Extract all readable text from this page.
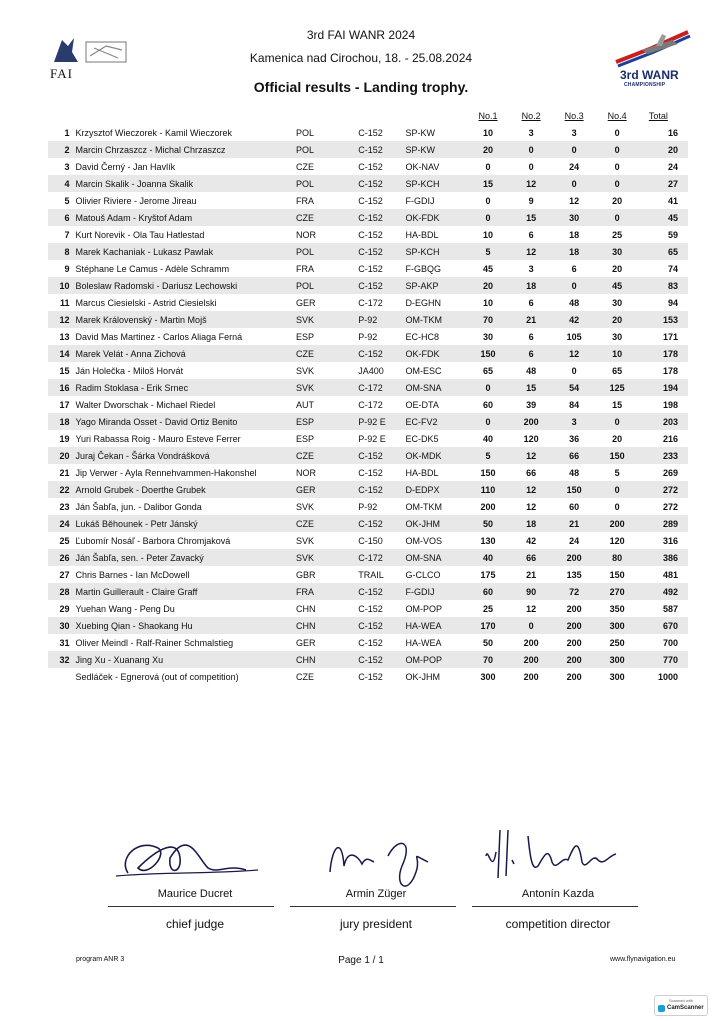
FAI
3rd FAI WANR 2024
Kamenica nad Cirochou, 18. - 25.08.2024
Official results - Landing trophy.
3rd WANR
CHAMPIONSHIP
					No.1	No.2	No.3	No.4	Total
1	Krzysztof Wieczorek - Kamil Wieczorek	POL	C-152	SP-KW	10	3	3	0	16
2	Marcin Chrzaszcz - Michal Chrzaszcz	POL	C-152	SP-KW	20	0	0	0	20
3	David Černý - Jan Havlík	CZE	C-152	OK-NAV	0	0	24	0	24
4	Marcin Skalik - Joanna Skalik	POL	C-152	SP-KCH	15	12	0	0	27
5	Olivier Riviere - Jerome Jireau	FRA	C-152	F-GDIJ	0	9	12	20	41
6	Matouš Adam - Kryštof Adam	CZE	C-152	OK-FDK	0	15	30	0	45
7	Kurt Norevik - Ola Tau Hatlestad	NOR	C-152	HA-BDL	10	6	18	25	59
8	Marek Kachaniak - Lukasz Pawlak	POL	C-152	SP-KCH	5	12	18	30	65
9	Stéphane Le Camus - Adèle Schramm	FRA	C-152	F-GBQG	45	3	6	20	74
10	Boleslaw Radomski - Dariusz Lechowski	POL	C-152	SP-AKP	20	18	0	45	83
11	Marcus Ciesielski - Astrid Ciesielski	GER	C-172	D-EGHN	10	6	48	30	94
12	Marek Královenský - Martin Mojš	SVK	P-92	OM-TKM	70	21	42	20	153
13	David Mas Martinez - Carlos Aliaga Ferná	ESP	P-92	EC-HC8	30	6	105	30	171
14	Marek Velát - Anna Zichová	CZE	C-152	OK-FDK	150	6	12	10	178
15	Ján Holečka - Miloš Horvát	SVK	JA400	OM-ESC	65	48	0	65	178
16	Radim Stoklasa - Erik Srnec	SVK	C-172	OM-SNA	0	15	54	125	194
17	Walter Dworschak - Michael Riedel	AUT	C-172	OE-DTA	60	39	84	15	198
18	Yago Miranda Osset - David Ortiz Benito	ESP	P-92 E	EC-FV2	0	200	3	0	203
19	Yuri Rabassa Roig - Mauro Esteve Ferrer	ESP	P-92 E	EC-DK5	40	120	36	20	216
20	Juraj Čekan - Šárka Vondrášková	CZE	C-152	OK-MDK	5	12	66	150	233
21	Jip Verwer - Ayla Rennehvammen-Hakonshel	NOR	C-152	HA-BDL	150	66	48	5	269
22	Arnold Grubek - Doerthe Grubek	GER	C-152	D-EDPX	110	12	150	0	272
23	Ján Šabľa, jun. - Dalibor Gonda	SVK	P-92	OM-TKM	200	12	60	0	272
24	Lukáš Běhounek - Petr Jánský	CZE	C-152	OK-JHM	50	18	21	200	289
25	Ľubomír Nosáľ - Barbora Chromjaková	SVK	C-150	OM-VOS	130	42	24	120	316
26	Ján Šabľa, sen. - Peter Zavacký	SVK	C-172	OM-SNA	40	66	200	80	386
27	Chris Barnes - Ian McDowell	GBR	TRAIL	G-CLCO	175	21	135	150	481
28	Martin Guillerault - Claire Graff	FRA	C-152	F-GDIJ	60	90	72	270	492
29	Yuehan Wang - Peng Du	CHN	C-152	OM-POP	25	12	200	350	587
30	Xuebing Qian - Shaokang Hu	CHN	C-152	HA-WEA	170	0	200	300	670
31	Oliver Meindl - Ralf-Rainer Schmalstieg	GER	C-152	HA-WEA	50	200	200	250	700
32	Jing Xu - Xuanang Xu	CHN	C-152	OM-POP	70	200	200	300	770
	Sedláček - Egnerová (out of competition)	CZE	C-152	OK-JHM	300	200	200	300	1000
Maurice Ducret	Armin Züger	Antonín Kazda
chief judge	jury president	competition director
program ANR 3	Page 1 / 1	www.flynavigation.eu
Scanned with
CamScanner
